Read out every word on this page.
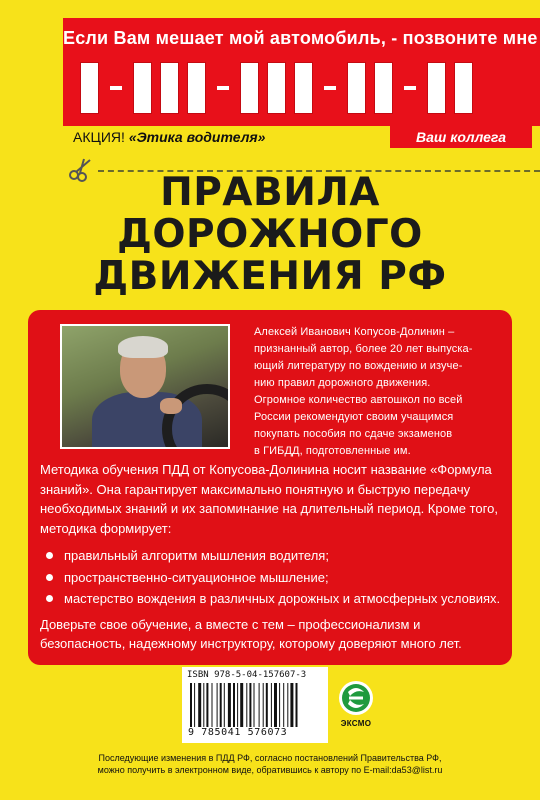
Если Вам мешает мой автомобиль, - позвоните мне
АКЦИЯ! «Этика водителя»	Ваш коллега
ПРАВИЛА
ДОРОЖНОГО
ДВИЖЕНИЯ РФ
Алексей Иванович Копусов-Долинин –
признанный автор, более 20 лет выпуска-
ющий литературу по вождению и изуче-
нию правил дорожного движения.
Огромное количество автошкол по всей
России рекомендуют своим учащимся
покупать пособия по сдаче экзаменов
в ГИБДД, подготовленные им.

Методика обучения ПДД от Копусова-Долинина носит название «Формула знаний». Она гарантирует максимально понятную и быструю передачу необходимых знаний и их запоминание на длительный период. Кроме того, методика формирует:

правильный алгоритм мышления водителя;
пространственно-ситуационное мышление;
мастерство вождения в различных дорожных и атмосферных условиях.

Доверьте свое обучение, а вместе с тем – профессионализм и безопасность, надежному инструктору, которому доверяют много лет.

ISBN 978-5-04-157607-3
9 785041 576073
ЭКСМО
Последующие изменения в ПДД РФ, согласно постановлений Правительства РФ,
можно получить в электронном виде, обратившись к автору по E-mail:da53@list.ru
